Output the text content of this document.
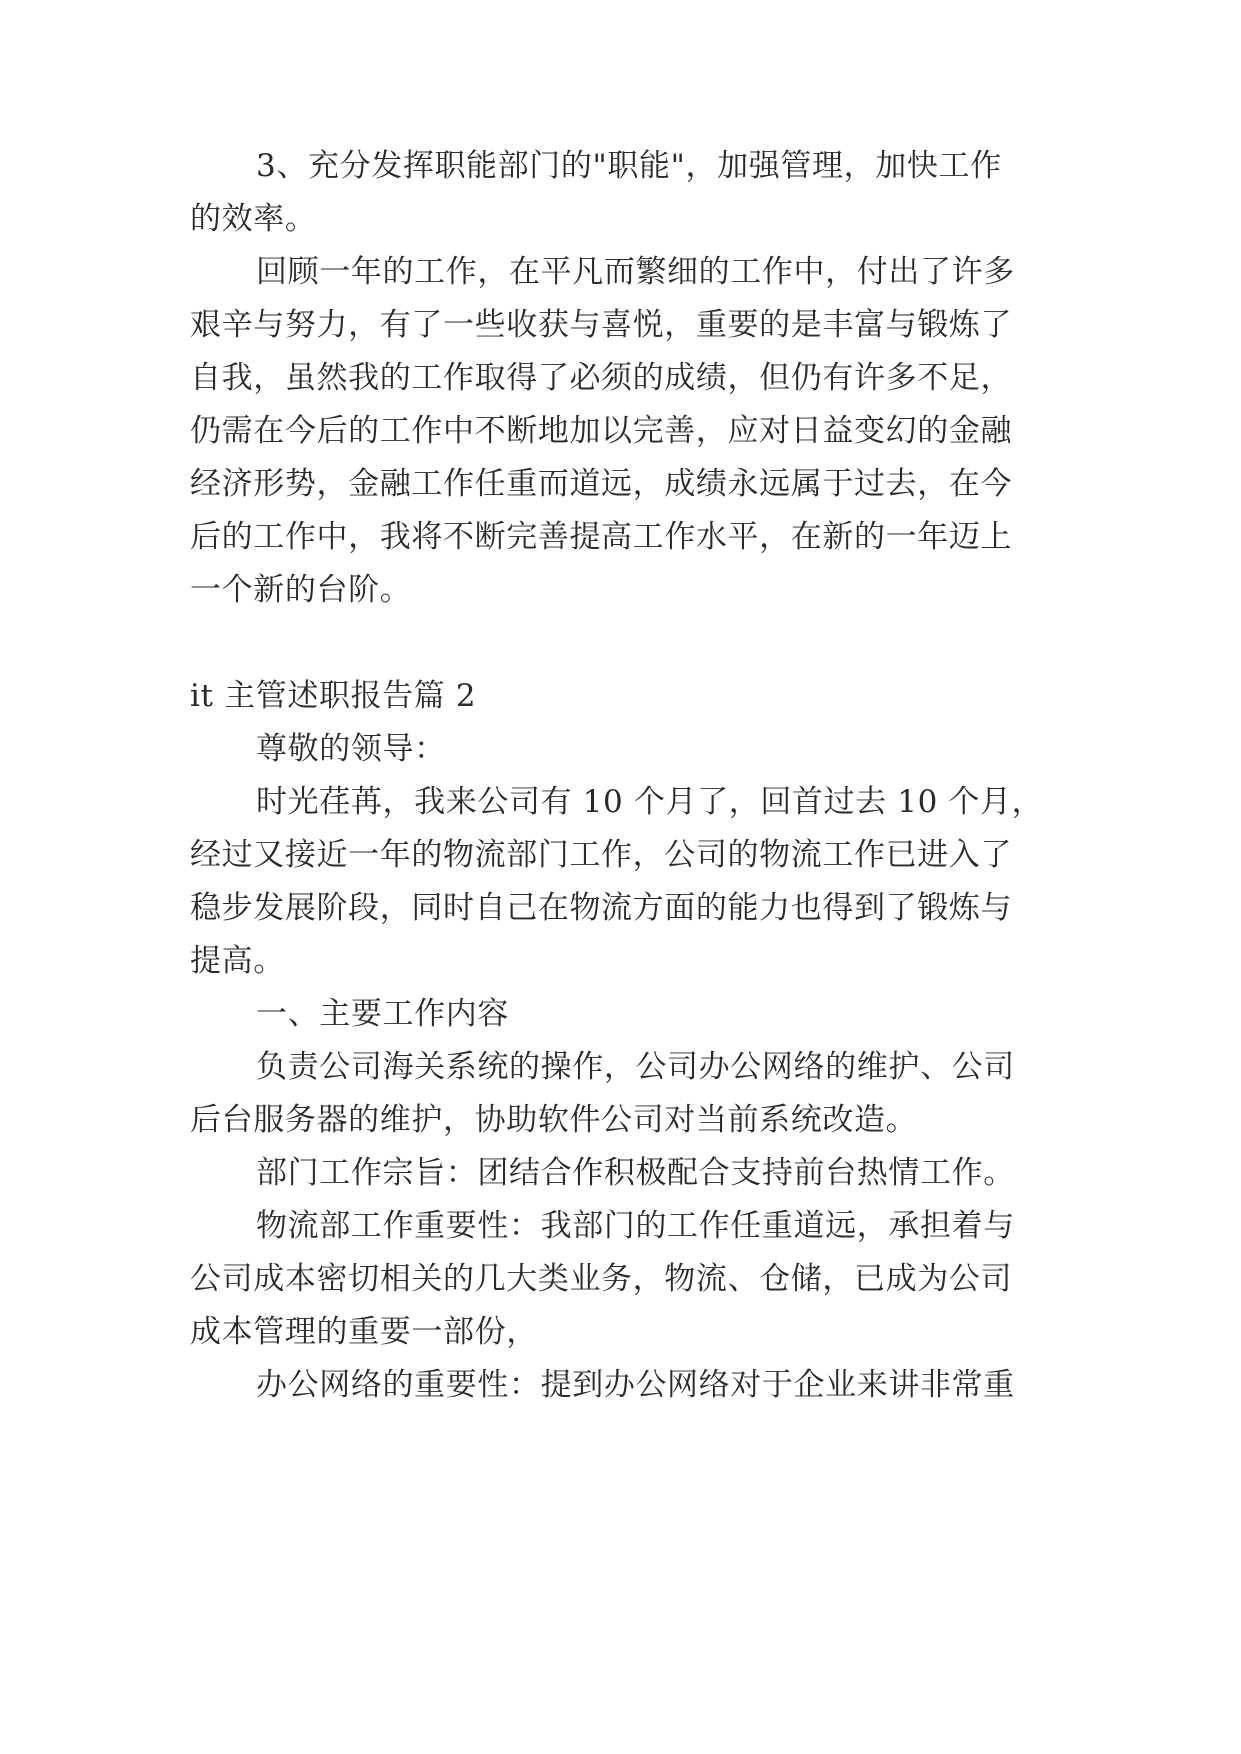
3、充分发挥职能部门的"职能"，加强管理，加快工作
的效率。
回顾一年的工作，在平凡而繁细的工作中，付出了许多
艰辛与努力，有了一些收获与喜悦，重要的是丰富与锻炼了
自我，虽然我的工作取得了必须的成绩，但仍有许多不足，
仍需在今后的工作中不断地加以完善，应对日益变幻的金融
经济形势，金融工作任重而道远，成绩永远属于过去，在今
后的工作中，我将不断完善提高工作水平，在新的一年迈上
一个新的台阶。
it 主管述职报告篇 2
尊敬的领导：
时光荏苒，我来公司有 10 个月了，回首过去 10 个月，
经过又接近一年的物流部门工作，公司的物流工作已进入了
稳步发展阶段，同时自己在物流方面的能力也得到了锻炼与
提高。
一、主要工作内容
负责公司海关系统的操作，公司办公网络的维护、公司
后台服务器的维护，协助软件公司对当前系统改造。
部门工作宗旨：团结合作积极配合支持前台热情工作。
物流部工作重要性：我部门的工作任重道远，承担着与
公司成本密切相关的几大类业务，物流、仓储，已成为公司
成本管理的重要一部份，
办公网络的重要性：提到办公网络对于企业来讲非常重
